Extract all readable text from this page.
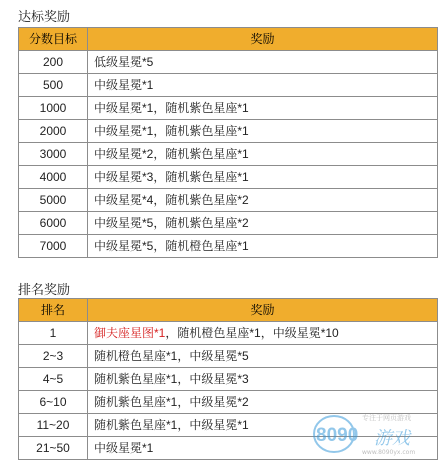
达标奖励
分数目标	奖励
200	低级星冕*5
500	中级星冕*1
1000	中级星冕*1，随机紫色星座*1
2000	中级星冕*1，随机紫色星座*1
3000	中级星冕*2，随机紫色星座*1
4000	中级星冕*3，随机紫色星座*1
5000	中级星冕*4，随机紫色星座*2
6000	中级星冕*5，随机紫色星座*2
7000	中级星冕*5，随机橙色星座*1
排名奖励
排名	奖励
1	御夫座星图*1，随机橙色星座*1，中级星冕*10
2~3	随机橙色星座*1，中级星冕*5
4~5	随机紫色星座*1，中级星冕*3
6~10	随机紫色星座*1，中级星冕*2
11~20	随机紫色星座*1，中级星冕*1
21~50	中级星冕*1
8090
专注于网页游戏
游戏
www.8090yx.com
